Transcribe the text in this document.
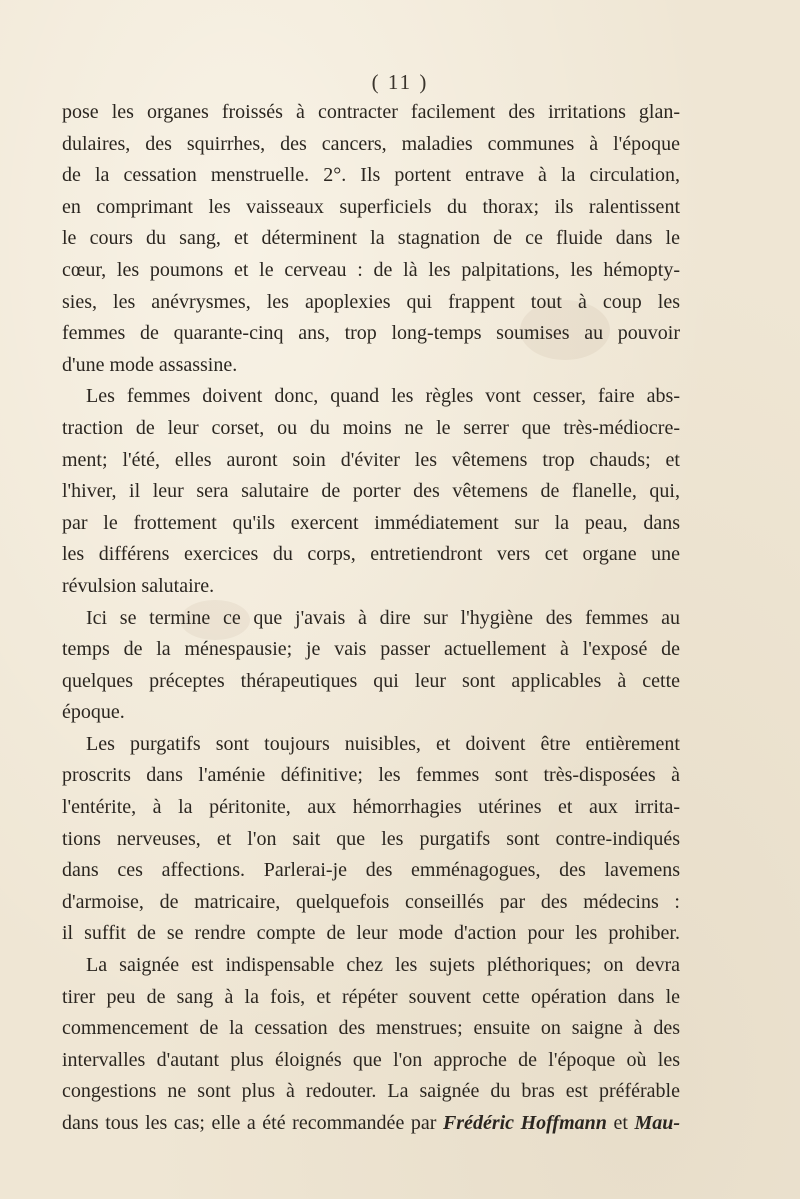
( 11 )
pose les organes froissés à contracter facilement des irritations glan-
dulaires, des squirrhes, des cancers, maladies communes à l'époque
de la cessation menstruelle. 2°. Ils portent entrave à la circulation,
en comprimant les vaisseaux superficiels du thorax; ils ralentissent
le cours du sang, et déterminent la stagnation de ce fluide dans le
cœur, les poumons et le cerveau : de là les palpitations, les hémopty-
sies, les anévrysmes, les apoplexies qui frappent tout à coup les
femmes de quarante-cinq ans, trop long-temps soumises au pouvoir
d'une mode assassine.
Les femmes doivent donc, quand les règles vont cesser, faire abs-
traction de leur corset, ou du moins ne le serrer que très-médiocre-
ment; l'été, elles auront soin d'éviter les vêtemens trop chauds; et
l'hiver, il leur sera salutaire de porter des vêtemens de flanelle, qui,
par le frottement qu'ils exercent immédiatement sur la peau, dans
les différens exercices du corps, entretiendront vers cet organe une
révulsion salutaire.
Ici se termine ce que j'avais à dire sur l'hygiène des femmes au
temps de la ménespausie; je vais passer actuellement à l'exposé de
quelques préceptes thérapeutiques qui leur sont applicables à cette
époque.
Les purgatifs sont toujours nuisibles, et doivent être entièrement
proscrits dans l'aménie définitive; les femmes sont très-disposées à
l'entérite, à la péritonite, aux hémorrhagies utérines et aux irrita-
tions nerveuses, et l'on sait que les purgatifs sont contre-indiqués
dans ces affections. Parlerai-je des emménagogues, des lavemens
d'armoise, de matricaire, quelquefois conseillés par des médecins :
il suffit de se rendre compte de leur mode d'action pour les prohiber.
La saignée est indispensable chez les sujets pléthoriques; on devra
tirer peu de sang à la fois, et répéter souvent cette opération dans le
commencement de la cessation des menstrues; ensuite on saigne à des
intervalles d'autant plus éloignés que l'on approche de l'époque où les
congestions ne sont plus à redouter. La saignée du bras est préférable
dans tous les cas; elle a été recommandée par Frédéric Hoffmann et Mau-
